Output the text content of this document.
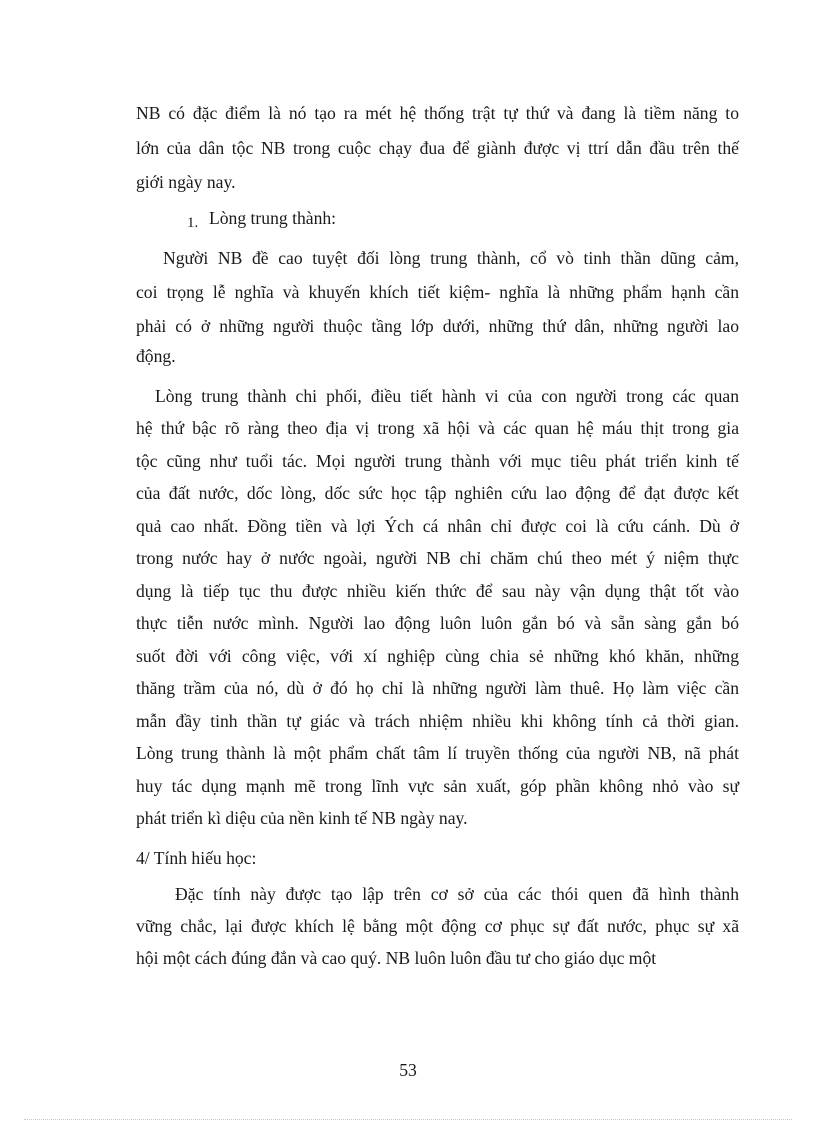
NB có đặc điểm là nó tạo ra mét hệ thống trật tự thứ và đang là tiềm năng to
lớn của dân tộc NB trong cuộc chạy đua để giành được vị ttrí dẫn đầu trên thế
giới ngày nay.
1. Lòng trung thành:
Người NB đề cao tuyệt đối lòng trung thành, cổ vò tinh thần dũng cảm,
coi trọng lễ nghĩa và khuyến khích tiết kiệm- nghĩa là những phẩm hạnh cần
phải có ở những người thuộc tầng lớp dưới, những thứ dân, những người lao
động.
Lòng trung thành chi phối, điều tiết hành vi của con người trong các quan
hệ thứ bậc rõ ràng theo địa vị trong xã hội và các quan hệ máu thịt trong gia
tộc cũng như tuổi tác. Mọi người trung thành với mục tiêu phát triển kinh tế
của đất nước, dốc lòng, dốc sức học tập nghiên cứu lao động để đạt được kết
quả cao nhất. Đồng tiền và lợi Ých cá nhân chỉ được coi là cứu cánh. Dù ở
trong nước hay ở nước ngoài, người NB chỉ chăm chú theo mét ý niệm thực
dụng là tiếp tục thu được nhiều kiến thức để sau này vận dụng thật tốt vào
thực tiễn nước mình. Người lao động luôn luôn gắn bó và sẵn sàng gắn bó
suốt đời với công việc, với xí nghiệp cùng chia sẻ những khó khăn, những
thăng trầm của nó, dù ở đó họ chỉ là những người làm thuê. Họ làm việc cần
mẫn đầy tinh thần tự giác và trách nhiệm nhiều khi không tính cả thời gian.
Lòng trung thành là một phẩm chất tâm lí truyền thống của người NB, nã phát
huy tác dụng mạnh mẽ trong lĩnh vực sản xuất, góp phần không nhỏ vào sự
phát triển kì diệu của nền kinh tế NB ngày nay.
4/ Tính hiếu học:
Đặc tính này được tạo lập trên cơ sở của các thói quen đã hình thành
vững chắc, lại được khích lệ bằng một động cơ phục sự đất nước, phục sự xã
hội một cách đúng đắn và cao quý. NB luôn luôn đầu tư cho giáo dục một
53
